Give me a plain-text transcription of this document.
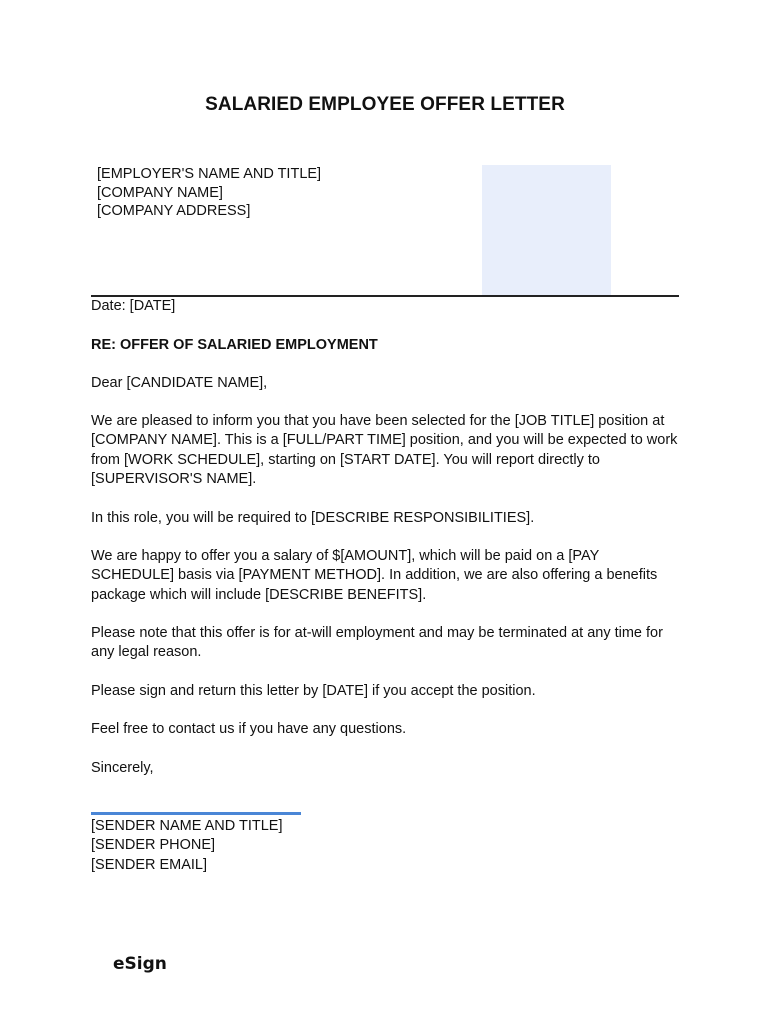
SALARIED EMPLOYEE OFFER LETTER
[EMPLOYER'S NAME AND TITLE]
[COMPANY NAME]
[COMPANY ADDRESS]
Date: [DATE]
RE: OFFER OF SALARIED EMPLOYMENT
Dear [CANDIDATE NAME],
We are pleased to inform you that you have been selected for the [JOB TITLE] position at [COMPANY NAME]. This is a [FULL/PART TIME] position, and you will be expected to work from [WORK SCHEDULE], starting on [START DATE]. You will report directly to [SUPERVISOR'S NAME].
In this role, you will be required to [DESCRIBE RESPONSIBILITIES].
We are happy to offer you a salary of $[AMOUNT], which will be paid on a [PAY SCHEDULE] basis via [PAYMENT METHOD]. In addition, we are also offering a benefits package which will include [DESCRIBE BENEFITS].
Please note that this offer is for at-will employment and may be terminated at any time for any legal reason.
Please sign and return this letter by [DATE] if you accept the position.
Feel free to contact us if you have any questions.
Sincerely,
[SENDER NAME AND TITLE]
[SENDER PHONE]
[SENDER EMAIL]
eSign
